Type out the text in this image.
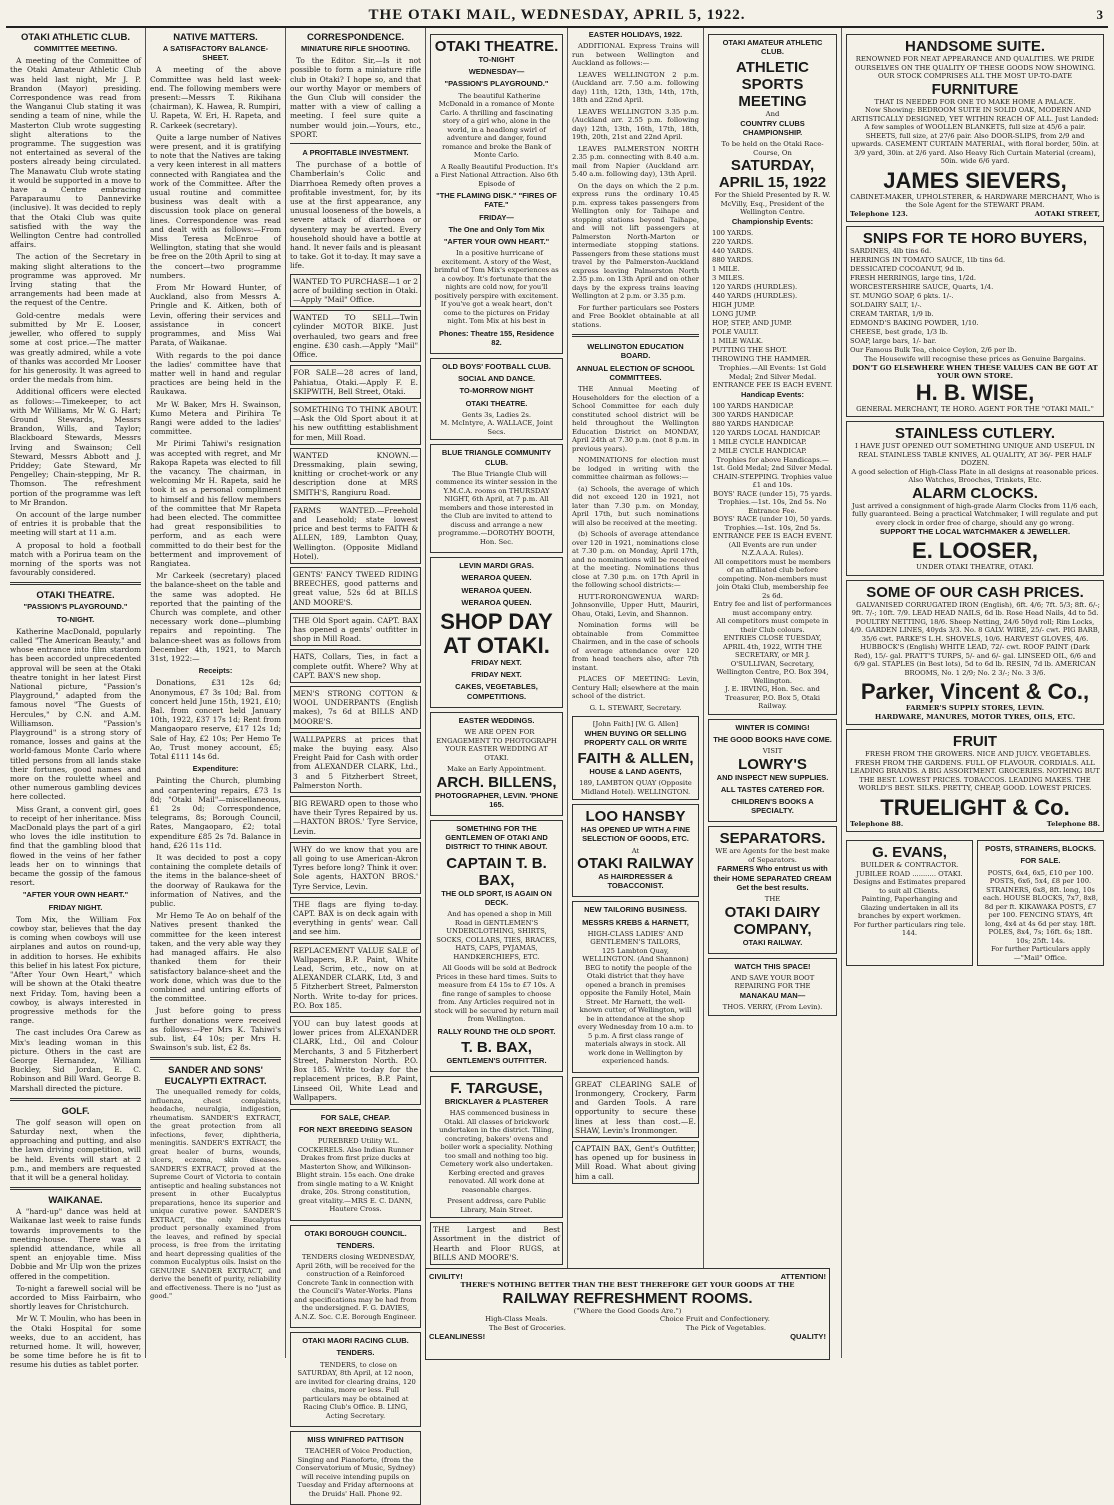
THE OTAKI MAIL, WEDNESDAY, APRIL 5, 1922.	3
OTAKI ATHLETIC CLUB.
COMMITTEE MEETING.

A meeting of the Committee of the Otaki Amateur Athletic Club was held last night, Mr J. P. Brandon (Mayor) presiding. Correspondence was read from the Wanganui Club stating it was sending a team of nine, while the Masterton Club wrote suggesting slight alterations to the programme. The suggestion was not entertained as several of the posters already being circulated. The Manawatu Club wrote stating it would be supported in a move to have a Centre embracing Paraparaumu to Dannevirke (inclusive). It was decided to reply that the Otaki Club was quite satisfied with the way the Wellington Centre had controlled affairs.

The action of the Secretary in making slight alterations to the programme was approved. Mr Irving stating that the arrangements had been made at the request of the Centre.

Gold-centre medals were submitted by Mr E. Looser, jeweller, who offered to supply some at cost price.—The matter was greatly admired, while a vote of thanks was accorded Mr Looser for his generosity. It was agreed to order the medals from him.

Additional officers were elected as follows:—Timekeeper, to act with Mr Williams, Mr W. G. Hart; Ground Stewards, Messrs Brandon, Wills, and Taylor; Blackboard Stewards, Messrs Irving and Swainson; Cell Steward, Messrs Abbott and J. Priddey; Gate Steward, Mr Pengelley; Chain-stepping, Mr R. Thomson. The refreshment portion of the programme was left to Mr Brandon.

On account of the large number of entries it is probable that the meeting will start at 11 a.m.

A proposal to hold a football match with a Porirua team on the morning of the sports was not favourably considered.

OTAKI THEATRE.
"PASSION'S PLAYGROUND."
TO-NIGHT.

Katherine MacDonald, popularly called "The American Beauty," and whose entrance into film stardom has been accorded unprecedented approval will be seen at the Otaki theatre tonight in her latest First National picture, "Passion's Playground," adapted from the famous novel "The Guests of Hercules," by C.N. and A.M. Williamson. "Passion's Playground" is a strong story of romance, losses and gains at the world-famous Monte Carlo where titled persons from all lands stake their fortunes, good names and more on the roulette wheel and other numerous gambling devices here collected.

Miss Grant, a convent girl, goes to receipt of her inheritance. Miss MacDonald plays the part of a girl who loves the idle institution to find that the gambling blood that flowed in the veins of her father leads her on to winnings that became the gossip of the famous resort.

"AFTER YOUR OWN HEART."
FRIDAY NIGHT.

Tom Mix, the William Fox cowboy star, believes that the day is coming when cowboys will use airplanes and autos on round-up, in addition to horses. He exhibits this belief in his latest Fox picture, "After Your Own Heart," which will be shown at the Otaki theatre next Friday. Tom, having been a cowboy, is always interested in progressive methods for the range.

The cast includes Ora Carew as Mix's leading woman in this picture. Others in the cast are George Hernandez, William Buckley, Sid Jordan, E. C. Robinson and Bill Ward. George B. Marshall directed the picture.

GOLF.

The golf season will open on Saturday next, when the approaching and putting, and also the lawn driving competition, will be held. Events will start at 2 p.m., and members are requested that it will be a general holiday.

WAIKANAE.

A "hard-up" dance was held at Waikanae last week to raise funds towards improvements to the meeting-house. There was a splendid attendance, while all spent an enjoyable time. Miss Dobbie and Mr Ulp won the prizes offered in the competition.

To-night a farewell social will be accorded to Miss Fairbairn, who shortly leaves for Christchurch.

Mr W. T. Moulin, who has been in the Otaki Hospital for some weeks, due to an accident, has returned home. It will, however, be some time before he is fit to resume his duties as tablet porter.

NATIVE MATTERS.
A SATISFACTORY BALANCE-SHEET.

A meeting of the above Committee was held last week-end. The following members were present:—Messrs T. Rikihana (chairman), K. Hawea, R. Rumpiri, U. Rapeta, W. Eri, H. Rapeta, and R. Carkeek (secretary).

Quite a large number of Natives were present, and it is gratifying to note that the Natives are taking a very keen interest in all matters connected with Rangiatea and the work of the Committee. After the usual routine and committee business was dealt with a discussion took place on general lines. Correspondence was read and dealt with as follows:—From Miss Teresa McEnroe of Wellington, stating that she would be free on the 20th April to sing at the concert—two programme numbers.

From Mr Howard Hunter, of Auckland, also from Messrs A. Pringle and K. Aitken, both of Levin, offering their services and assistance in concert programmes, and Miss Wai Parata, of Waikanae.

With regards to the poi dance the ladies' committee have that matter well in hand and regular practices are being held in the Raukawa.

Mr W. Baker, Mrs H. Swainson, Kumo Metera and Pirihira Te Rangi were added to the ladies' committee.

Mr Pirimi Tahiwi's resignation was accepted with regret, and Mr Rakopa Rapeta was elected to fill the vacancy. The chairman, in welcoming Mr H. Rapeta, said he took it as a personal compliment to himself and his fellow members of the committee that Mr Rapeta had been elected. The committee had great responsibilities to perform, and as each were committed to do their best for the betterment and improvement of Rangiatea.

Mr Carkeek (secretary) placed the balance-sheet on the table and the same was adopted. He reported that the painting of the Church was complete, and other necessary work done—plumbing repairs and repointing. The balance-sheet was as follows from December 4th, 1921, to March 31st, 1922:—

Receipts:

Donations, £31 12s 6d; Anonymous, £7 3s 10d; Bal. from concert held June 15th, 1921, £10; Bal. from concert held January 10th, 1922, £37 17s 1d; Rent from Mangaoparo reserve, £17 12s 1d; Sale of Hay, £2 10s; Per Hemo Te Ao, Trust money account, £5; Total £111 14s 6d.

Expenditure:

Painting the Church, plumbing and carpentering repairs, £73 1s 8d; "Otaki Mail"—miscellaneous, £1 2s 0d; Correspondence, telegrams, 8s; Borough Council, Rates, Mangaoparo, £2; total expenditure £85 2s 7d. Balance in hand, £26 11s 11d.

It was decided to post a copy containing the complete details of the items in the balance-sheet of the doorway of Raukawa for the information of Natives, and the public.

Mr Hemo Te Ao on behalf of the Natives present thanked the committee for the keen interest taken, and the very able way they had managed affairs. He also thanked them for their satisfactory balance-sheet and the work done, which was due to the combined and untiring efforts of the committee.

Just before going to press further donations were received as follows:—Per Mrs K. Tahiwi's sub. list, £4 10s; per Mrs H. Swainson's sub. list, £2 8s.

SANDER AND SONS' EUCALYPTI EXTRACT.

The unequalled remedy for colds, influenza, chest complaints, headache, neuralgia, indigestion, rheumatism. SANDER'S EXTRACT, the great protection from all infections, fever, diphtheria, meningitis. SANDER'S EXTRACT, the great healer of burns, wounds, ulcers, eczema, skin diseases. SANDER'S EXTRACT, proved at the Supreme Court of Victoria to contain antiseptic and healing substances not present in other Eucalyptus preparations, hence its superior and unique curative power. SANDER'S EXTRACT, the only Eucalyptus product personally examined from the leaves, and refined by special process, is free from the irritating and heart depressing qualities of the common Eucalyptus oils. Insist on the GENUINE SANDER EXTRACT, and derive the benefit of purity, reliability and effectiveness. There is no "just as good."

CORRESPONDENCE.
MINIATURE RIFLE SHOOTING.

To the Editor. Sir,—Is it not possible to form a miniature rifle club in Otaki? I hope so, and that our worthy Mayor or members of the Gun Club will consider the matter with a view of calling a meeting. I feel sure quite a number would join.—Yours, etc., SPORT.

A PROFITABLE INVESTMENT.

The purchase of a bottle of Chamberlain's Colic and Diarrhoea Remedy often proves a profitable investment, for, by its use at the first appearance, any unusual looseness of the bowels, a severe attack of diarrhoea or dysentery may be averted. Every household should have a bottle at hand. It never fails and is pleasant to take. Got it to-day. It may save a life.

WANTED TO PURCHASE—1 or 2 acre of building section in Otaki.—Apply "Mail" Office.
WANTED TO SELL—Twin cylinder MOTOR BIKE. Just overhauled, two gears and free engine. £30 cash.—Apply "Mail" Office.
FOR SALE—28 acres of land, Pahiatua, Otaki.—Apply F. E. SKIPWITH, Bell Street, Otaki.
SOMETHING TO THINK ABOUT.—Ask the Old Sport about it at his new outfitting establishment for men, Mill Road.
WANTED KNOWN.—Dressmaking, plain sewing, knitting or crochet-work or any description done at MRS SMITH'S, Rangiuru Road.
FARMS WANTED.—Freehold and Leasehold; state lowest price and best terms to FAITH & ALLEN, 189, Lambton Quay, Wellington. (Opposite Midland Hotel).
GENTS' FANCY TWEED RIDING BREECHES, good patterns and great value, 52s 6d at BILLS AND MOORE'S.
THE Old Sport again. CAPT. BAX has opened a gents' outfitter in shop in Mill Road.
HATS, Collars, Ties, in fact a complete outfit. Where? Why at CAPT. BAX'S new shop.
MEN'S STRONG COTTON & WOOL UNDERPANTS (English makes), 7s 6d at BILLS AND MOORE'S.
WALLPAPERS at prices that make the buying easy. Also Freight Paid for Cash with order from ALEXANDER CLARK, Ltd., 3 and 5 Fitzherbert Street, Palmerston North.
BIG REWARD open to those who have their Tyres Repaired by us.—HAXTON BROS.' Tyre Service, Levin.
WHY do we know that you are all going to use American-Akron Tyres before long? Think it over. Sole agents, HAXTON BROS.' Tyre Service, Levin.
THE flags are flying to-day. CAPT. BAX is on deck again with everything in gents' wear. Call and see him.
REPLACEMENT VALUE SALE of Wallpapers, B.P. Paint, White Lead, Scrim, etc., now on at ALEXANDER CLARK, Ltd, 3 and 5 Fitzherbert Street, Palmerston North. Write to-day for prices. P.O. Box 185.
YOU can buy latest goods at lower prices from ALEXANDER CLARK, Ltd., Oil and Colour Merchants, 3 and 5 Fitzherbert Street, Palmerston North. P.O. Box 185. Write to-day for the replacement prices, B.P. Paint, Linseed Oil, White Lead and Wallpapers.
FOR SALE, CHEAP.
FOR NEXT BREEDING SEASON

PUREBRED Utility W.L. COCKERELS. Also Indian Runner Drakes from first prize ducks at Masterton Show, and Wilkinson-Blight strain. 15s each. One drake from single mating to a W. Knight drake, 20s. Strong constitution, great vitality.—MRS E. C. DANN, Hautere Cross.

OTAKI BOROUGH COUNCIL.
TENDERS.

TENDERS closing WEDNESDAY, April 26th, will be received for the construction of a Reinforced Concrete Tank in connection with the Council's Water-Works. Plans and specifications may be had from the undersigned. F. G. DAVIES, A.N.Z. Soc. C.E. Borough Engineer.

OTAKI MAORI RACING CLUB.
TENDERS.

TENDERS, to close on SATURDAY, 8th April, at 12 noon, are invited for clearing drains, 120 chains, more or less. Full particulars may be obtained at Racing Club's Office. B. LING, Acting Secretary.

MISS WINIFRED PATTISON

TEACHER of Voice Production, Singing and Pianoforte, (from the Conservatorium of Music, Sydney) will receive intending pupils on Tuesday and Friday afternoons at the Druids' Hall. Phone 92.

OTAKI THEATRE.
TO-NIGHT
WEDNESDAY—
"PASSION'S PLAYGROUND."

The beautiful Katherine McDonald in a romance of Monte Carlo. A thrilling and fascinating story of a girl who, alone in the world, in a headlong swirl of adventure and danger, found romance and broke the Bank of Monte Carlo.

A Really Beautiful Production. It's a First National Attraction. Also 6th Episode of

"THE FLAMING DISK." "FIRES OF FATE."
FRIDAY—
The One and Only Tom Mix
"AFTER YOUR OWN HEART."

In a positive hurricane of excitement. A story of the West, brimful of Tom Mix's experiences as a cowboy. It's fortunate that the nights are cold now, for you'll positively perspire with excitement. If you've got a weak heart, don't come to the pictures on Friday night. Tom Mix at his best in

Phones: Theatre 155, Residence 82.
OLD BOYS' FOOTBALL CLUB.
SOCIAL AND DANCE.
TO-MORROW NIGHT
OTAKI THEATRE.
Gents 3s, Ladies 2s.
M. McIntyre, A. WALLACE, Joint Secs.
BLUE TRIANGLE COMMUNITY CLUB.

The Blue Triangle Club will commence its winter session in the Y.M.C.A. rooms on THURSDAY NIGHT, 6th April, at 7 p.m. All members and those interested in the Club are invited to attend to discuss and arrange a new programme.—DOROTHY BOOTH, Hon. Sec.

LEVIN MARDI GRAS.
WERAROA QUEEN.
WERAROA QUEEN.
WERAROA QUEEN.
SHOP DAY AT OTAKI.
FRIDAY NEXT.
FRIDAY NEXT.
CAKES, VEGETABLES, COMPETITIONS.
EASTER WEDDINGS.

WE ARE OPEN FOR ENGAGEMENT TO PHOTOGRAPH YOUR EASTER WEDDING AT OTAKI.

Make an Early Appointment.
ARCH. BILLENS,
PHOTOGRAPHER, LEVIN. 'PHONE 165.
SOMETHING FOR THE GENTLEMEN OF OTAKI AND DISTRICT TO THINK ABOUT.
CAPTAIN T. B. BAX,
THE OLD SPORT, IS AGAIN ON DECK.

And has opened a shop in Mill Road in GENTLEMEN'S UNDERCLOTHING, SHIRTS, SOCKS, COLLARS, TIES, BRACES, HATS, CAPS, PYJAMAS, HANDKERCHIEFS, ETC.

All Goods will be sold at Bedrock Prices in these hard times. Suits to measure from £4 15s to £7 10s. A fine range of samples to choose from. Any Articles required not in stock will be secured by return mail from Wellington.

RALLY ROUND THE OLD SPORT.
T. B. BAX,
GENTLEMEN'S OUTFITTER.
F. TARGUSE,
BRICKLAYER & PLASTERER

HAS commenced business in Otaki. All classes of brickwork undertaken in the district. Tiling, concreting, bakers' ovens and boiler work a speciality. Nothing too small and nothing too big. Cemetery work also undertaken. Kerbing erected and graves renovated. All work done at reasonable charges.

Present address, care Public Library, Main Street.
THE Largest and Best Assortment in the district of Hearth and Floor RUGS, at BILLS AND MOORE'S.
EASTER HOLIDAYS, 1922.

ADDITIONAL Express Trains will run between Wellington and Auckland as follows:—

LEAVES WELLINGTON 2 p.m. (Auckland arr. 7.50 a.m. following day) 11th, 12th, 13th, 14th, 17th, 18th and 22nd April.

LEAVES WELLINGTON 3.35 p.m. (Auckland arr. 2.55 p.m. following day) 12th, 13th, 16th, 17th, 18th, 19th, 20th, 21st and 22nd April.

LEAVES PALMERSTON NORTH 2.35 p.m. connecting with 8.40 a.m. mail from Napier (Auckland arr. 5.40 a.m. following day), 13th April.

On the days on which the 2 p.m. express runs the ordinary 10.45 p.m. express takes passengers from Wellington only for Taihape and stopping stations beyond Taihape, and will not lift passengers at Palmerston North-Marton or intermediate stopping stations. Passengers from these stations must travel by the Palmerston-Auckland express leaving Palmerston North 2.35 p.m. on 13th April and on other days by the express trains leaving Wellington at 2 p.m. or 3.35 p.m.

For further particulars see Posters and Free Booklet obtainable at all stations.

WELLINGTON EDUCATION BOARD.
ANNUAL ELECTION OF SCHOOL COMMITTEES.

THE Annual Meeting of Householders for the election of a School Committee for each duly constituted school district will be held throughout the Wellington Education District on MONDAY, April 24th at 7.30 p.m. (not 8 p.m. in previous years).

NOMINATIONS for election must be lodged in writing with the committee chairman as follows:—

(a) Schools, the average of which did not exceed 120 in 1921, not later than 7.30 p.m. on Monday, April 17th, but such nominations will also be received at the meeting.

(b) Schools of average attendance over 120 in 1921, nominations close at 7.30 p.m. on Monday, April 17th, and no nominations will be received at the meeting. Nominations thus close at 7.30 p.m. on 17th April in the following school districts:—

HUTT-RORONGWENUA WARD: Johnsonville, Upper Hutt, Mauriri, Ohau, Otaki, Levin, and Shannon.

Nomination forms will be obtainable from Committee Chairmen, and in the case of schools of average attendance over 120 from head teachers also, after 7th instant.

PLACES OF MEETING: Levin, Century Hall; elsewhere at the main school of the district.

G. L. STEWART, Secretary.
[John Faith] [W. G. Allen]
WHEN BUYING OR SELLING PROPERTY CALL OR WRITE
FAITH & ALLEN,
HOUSE & LAND AGENTS,
189, LAMBTON QUAY (Opposite Midland Hotel). WELLINGTON.
LOO HANSBY
HAS OPENED UP WITH A FINE SELECTION OF GOODS, ETC.
At
OTAKI RAILWAY
AS HAIRDRESSER & TOBACCONIST.
NEW TAILORING BUSINESS.
MESSRS KREBS & HARNETT,
HIGH-CLASS LADIES' AND GENTLEMEN'S TAILORS,
125 Lambton Quay, WELLINGTON. (And Shannon)

BEG to notify the people of the Otaki district that they have opened a branch in premises opposite the Family Hotel, Main Street. Mr Harnett, the well-known cutter, of Wellington, will be in attendance at the shop every Wednesday from 10 a.m. to 5 p.m. A first class range of materials always in stock. All work done in Wellington by experienced hands.

GREAT CLEARING SALE of Ironmongery, Crockery, Farm and Garden Tools. A rare opportunity to secure these lines at less than cost.—E. SHAW, Levin's Ironmonger.
CAPTAIN BAX, Gent's Outfitter, has opened up for business in Mill Road. What about giving him a call.
OTAKI AMATEUR ATHLETIC CLUB.
ATHLETIC SPORTS MEETING
And
COUNTRY CLUBS CHAMPIONSHIP.
To be held on the Otaki Race-Course, On
SATURDAY, APRIL 15, 1922
For the Shield Presented by R. W. McVilly, Esq., President of the Wellington Centre.
Championship Events:
100 YARDS.
220 YARDS.
440 YARDS.
880 YARDS.
1 MILE.
3 MILES.
120 YARDS (HURDLES).
440 YARDS (HURDLES).
HIGH JUMP.
LONG JUMP.
HOP, STEP, AND JUMP.
POLE VAULT.
1 MILE WALK.
PUTTING THE SHOT.
THROWING THE HAMMER.
Trophies.—All Events: 1st Gold Medal; 2nd Silver Medal. ENTRANCE FEE IS EACH EVENT.
Handicap Events:
100 YARDS HANDICAP.
300 YARDS HANDICAP.
880 YARDS HANDICAP.
120 YARDS LOCAL HANDICAP.
1 MILE CYCLE HANDICAP.
2 MILE CYCLE HANDICAP.
Trophies for above Handicaps.—1st. Gold Medal; 2nd Silver Medal.
CHAIN-STEPPING. Trophies value £1 and 10s.
BOYS' RACE (under 15), 75 yards. Trophies.—1st. 10s, 2nd 5s. No Entrance Fee.
BOYS' RACE (under 10), 50 yards. Trophies.—1st. 10s, 2nd 5s.
ENTRANCE FEE IS EACH EVENT.
(All Events are run under N.Z.A.A.A. Rules).
All competitors must be members of an affiliated club before competing. Non-members must join Otaki Club, membership fee 2s 6d.
Entry fee and list of performances must accompany entry.
All competitors must compete in their Club colours.
ENTRIES CLOSE TUESDAY, APRIL 4th, 1922, WITH THE SECRETARY, or MR J. O'SULLIVAN, Secretary, Wellington Centre, P.O. Box 394, Wellington.
J. E. IRVING, Hon. Sec. and Treasurer, P.O. Box 5, Otaki Railway.
WINTER IS COMING!
THE GOOD BOOKS HAVE COME.
VISIT
LOWRY'S
AND INSPECT NEW SUPPLIES.
ALL TASTES CATERED FOR.
CHILDREN'S BOOKS A SPECIALTY.
SEPARATORS.
WE are Agents for the best make of Separators.
FARMERS Who entrust us with their HOME SEPARATED CREAM Get the best results.
THE
OTAKI DAIRY COMPANY,
OTAKI RAILWAY.
WATCH THIS SPACE!
AND SAVE YOUR BOOT REPAIRING FOR THE
MANAKAU MAN—
THOS. VERRY, (From Levin).
HANDSOME SUITE.
RENOWNED FOR NEAT APPEARANCE AND QUALITIES. WE PRIDE OURSELVES ON THE QUALITY OF THESE GOODS NOW SHOWING.
OUR STOCK COMPRISES ALL THE MOST UP-TO-DATE
FURNITURE
THAT IS NEEDED FOR ONE TO MAKE HOME A PALACE.

Now Showing: BEDROOM SUITE IN SOLID OAK, MODERN AND ARTISTICALLY DESIGNED, YET WITHIN REACH OF ALL. Just Landed: A few samples of WOOLLEN BLANKETS, full size at 45/6 a pair. SHEETS, full size, at 27/6 pair. Also DOOR-SLIPS, from 2/9 and upwards. CASEMENT CURTAIN MATERIAL, with floral border, 50in. at 3/9 yard, 30in. at 2/6 yard. Also Heavy Rich Curtain Material (cream), 50in. wide 6/6 yard.

JAMES SIEVERS,
CABINET-MAKER, UPHOLSTERER, & HARDWARE MERCHANT, Who is the Sole Agent for the STEWART PRAM.
Telephone 123.	AOTAKI STREET,
SNIPS FOR TE HORO BUYERS,
SARDINES, 4lb tins 6d.
HERRINGS IN TOMATO SAUCE, 1lb tins 6d.
DESSICATED COCOANUT, 9d lb.
FRESH HERRINGS, large tins, 1/2d.
WORCESTERSHIRE SAUCE, Quarts, 1/4.
ST. MUNGO SOAP, 6 pkts. 1/-.
SOLDAIRY SALT, 1/-.
CREAM TARTAR, 1/9 lb.
EDMOND'S BAKING POWDER, 1/10.
CHEESE, best grade, 1/3 lb.
SOAP, large bars, 1/- bar.
Our Famous Bulk Tea, choice Ceylon, 2/6 per lb.
The Housewife will recognise these prices as Genuine Bargains.
DON'T GO ELSEWHERE WHEN THESE VALUES CAN BE GOT AT YOUR OWN STORE.
H. B. WISE,
GENERAL MERCHANT, TE HORO. AGENT FOR THE "OTAKI MAIL."
STAINLESS CUTLERY.
I HAVE JUST OPENED OUT SOMETHING UNIQUE AND USEFUL IN REAL STAINLESS TABLE KNIVES, AL QUALITY, AT 36/- PER HALF DOZEN.
A good selection of High-Class Plate in all designs at reasonable prices. Also Watches, Brooches, Trinkets, Etc.
ALARM CLOCKS.
Just arrived a consignment of high-grade Alarm Clocks from 11/6 each, fully guaranteed. Being a practical Watchmaker, I will regulate and put every clock in order free of charge, should any go wrong.
SUPPORT THE LOCAL WATCHMAKER & JEWELLER.
E. LOOSER,
UNDER OTAKI THEATRE, OTAKI.
SOME OF OUR CASH PRICES.

GALVANISED CORRUGATED IRON (English), 6ft. 4/6; 7ft. 5/3; 8ft. 6/-; 9ft. 7/-; 10ft. 7/9. LEAD HEAD NAILS, 6d lb. Rose Head Nails, 4d to 5d. POULTRY NETTING, 18/6. Sheep Netting, 24/6 50yd roll; Rim Locks, 4/9. GARDEN LINES, 40yds 3/3. No. 8 GALV. WIRE, 25/- cwt. PIG BARB, 35/6 cwt. PARKE'S L.H. SHOVELS, 10/6. HARVEST GLOVES, 4/6. HUBBOCK'S (English) WHITE LEAD, 72/- cwt. ROOF PAINT (Dark Red), 15/- gal. PRATT'S TURPS, 5/- and 6/- gal. LINSEED OIL, 6/6 and 6/9 gal. STAPLES (in Best lots), 5d to 6d lb. RESIN, 7d lb. AMERICAN BROOMS, No. 1 2/9; No. 2 3/-; No. 3 3/6.

Parker, Vincent & Co.,
FARMER'S SUPPLY STORES, LEVIN.
HARDWARE, MANURES, MOTOR TYRES, OILS, ETC.
FRUIT

FRESH FROM THE GROWERS. NICE AND JUICY. VEGETABLES. FRESH FROM THE GARDENS. FULL OF FLAVOUR. CORDIALS. ALL LEADING BRANDS. A BIG ASSORTMENT. GROCERIES. NOTHING BUT THE BEST. LOWEST PRICES. TOBACCOS. LEADING MAKES. THE WORLD'S BEST. SILKS. PRETTY, CHEAP, GOOD. LOWEST PRICES.

TRUELIGHT & Co.
Telephone 88.	Telephone 88.
G. EVANS,
BUILDER & CONTRACTOR.
JUBILEE ROAD ........... OTAKI.
Designs and Estimates prepared to suit all Clients.
Painting, Paperhanging and Glazing undertaken in all its branches by expert workmen.
For further particulars ring tele. 144.
POSTS, STRAINERS, BLOCKS.
FOR SALE.
POSTS, 6x4, 6x5, £10 per 100. POSTS, 6x6, 5x4, £8 per 100. STRAINERS, 6x8, 8ft. long, 10s each. HOUSE BLOCKS, 7x7, 8x8, 8d per ft. KIKAWAKA POSTS, £7 per 100. FENCING STAYS, 4ft long, 4x4 at 4s 6d per stay. 18ft. POLES, 8x4, 7s; 16ft. 6s; 18ft. 10s; 25ft. 14s.
For further Particulars apply—"Mail" Office.
CIVILITY!	ATTENTION!
THERE'S NOTHING BETTER THAN THE BEST THEREFORE GET YOUR GOODS AT THE
RAILWAY REFRESHMENT ROOMS.
("Where the Good Goods Are.")
High-Class Meals.	Choice Fruit and Confectionery.
The Best of Groceries.	The Pick of Vegetables.
CLEANLINESS!	QUALITY!
